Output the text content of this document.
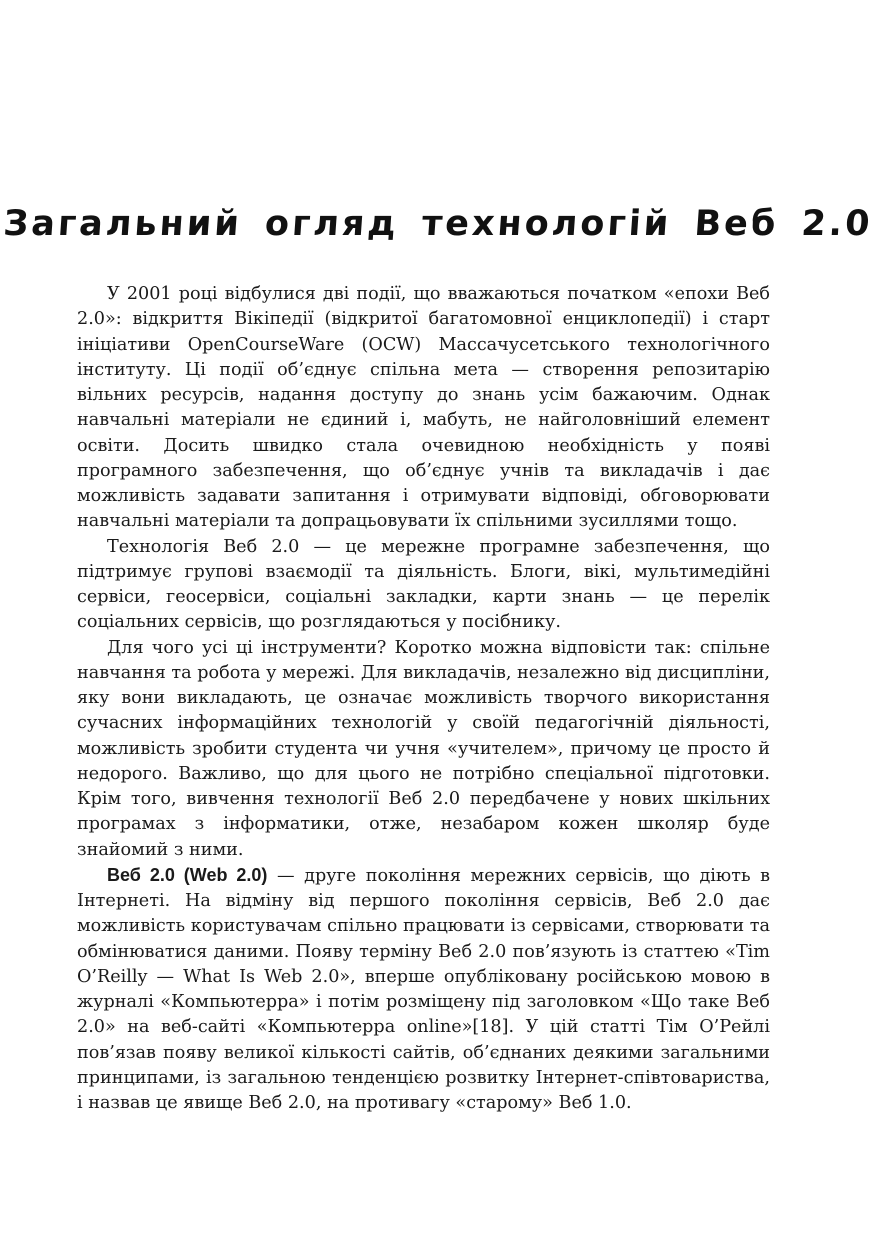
Загальний огляд технологій Веб 2.0

У 2001 році відбулися дві події, що вважаються початком «епохи Веб 2.0»: відкриття Вікіпедії (відкритої багатомовної енциклопедії) і старт ініціативи OpenCourseWare (OCW) Массачусетського технологічного інституту. Ці події об’єднує спільна мета — створення репозитарію вільних ресурсів, надання доступу до знань усім бажаючим. Однак навчальні матеріали не єдиний і, мабуть, не найголовніший елемент освіти. Досить швидко стала очевидною необхідність у появі програмного забезпечення, що об’єднує учнів та викладачів і дає можливість задавати запитання і отримувати відповіді, обговорювати навчальні матеріали та допрацьовувати їх спільними зусиллями тощо.

Технологія Веб 2.0 — це мережне програмне забезпечення, що підтримує групові взаємодії та діяльність. Блоги, вікі, мультимедійні сервіси, геосервіси, соціальні закладки, карти знань — це перелік соціальних сервісів, що розглядаються у посібнику.

Для чого усі ці інструменти? Коротко можна відповісти так: спільне навчання та робота у мережі. Для викладачів, незалежно від дисципліни, яку вони викладають, це означає можливість творчого використання сучасних інформаційних технологій у своїй педагогічній діяльності, можливість зробити студента чи учня «учителем», причому це просто й недорого. Важливо, що для цього не потрібно спеціальної підготовки. Крім того, вивчення технології Веб 2.0 передбачене у нових шкільних програмах з інформатики, отже, незабаром кожен школяр буде знайомий з ними.

Веб 2.0 (Web 2.0) — друге покоління мережних сервісів, що діють в Інтернеті. На відміну від першого покоління сервісів, Веб 2.0 дає можливість користувачам спільно працювати із сервісами, створювати та обмінюватися даними. Появу терміну Веб 2.0 пов’язують із статтею «Tim O’Reilly — What Is Web 2.0», вперше опублікованy російською мовою в журналі «Компьютерра» і потім розміщену під заголовком «Що таке Веб 2.0» на веб-сайті «Компьютерра online»[18]. У цій статті Тім О’Рейлі пов’язав появу великої кількості сайтів, об’єднаних деякими загальними принципами, із загальною тенденцією розвитку Інтернет-співтовариства, і назвав це явище Веб 2.0, на противагу «старому» Веб 1.0.
